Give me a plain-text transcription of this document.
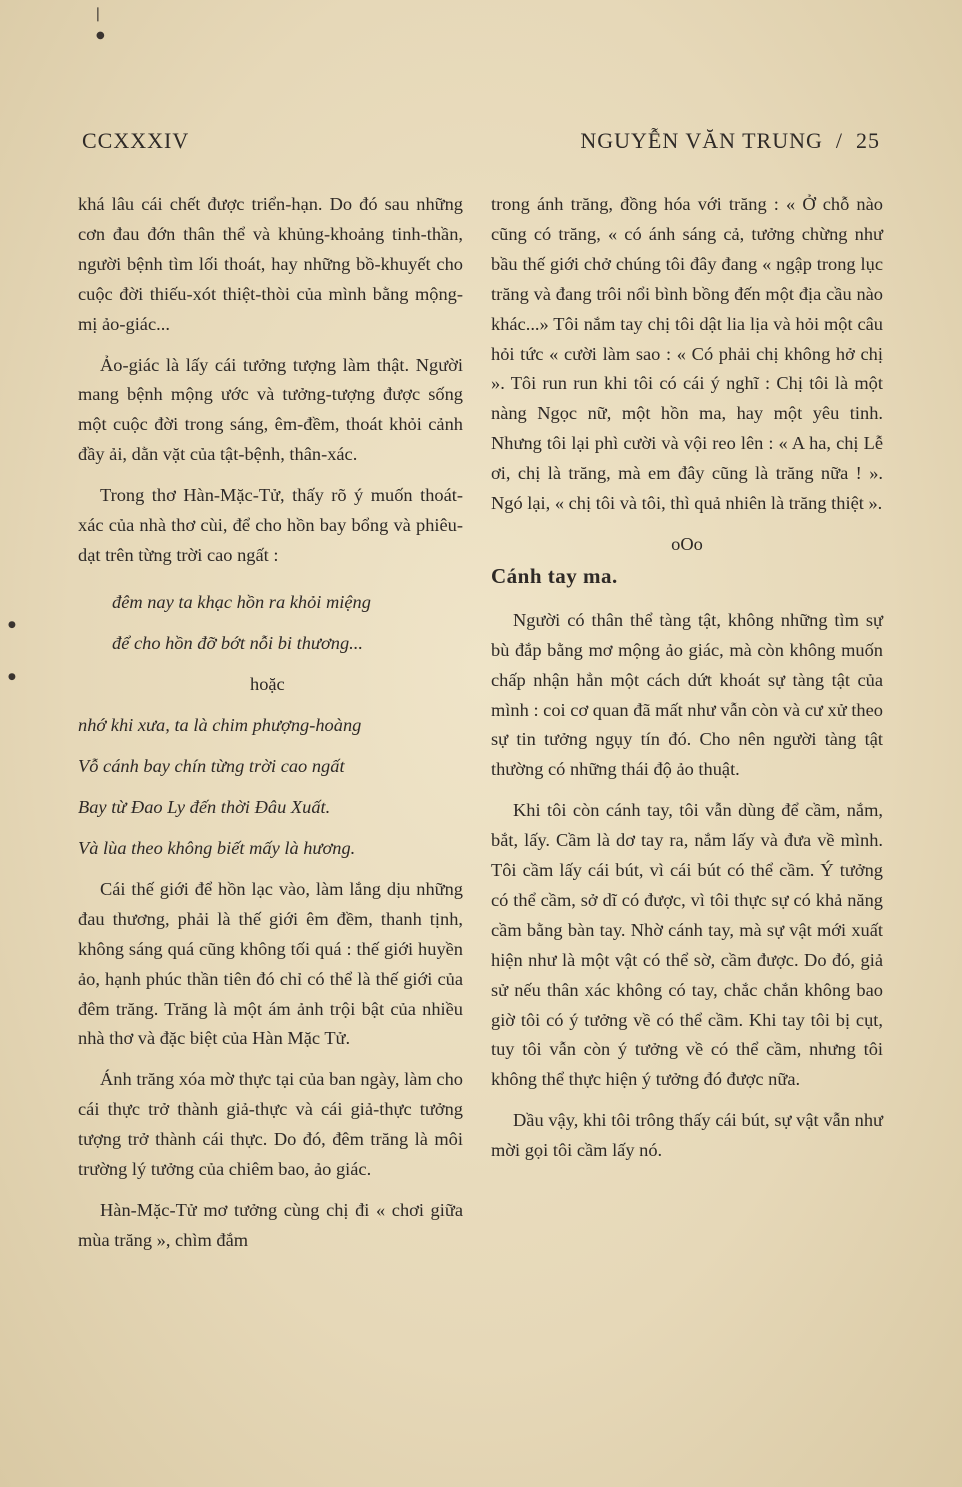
❘
●
●
●
CCXXXIV	NGUYỄN VĂN TRUNG  /  25

khá lâu cái chết được triển-hạn. Do đó sau những cơn đau đớn thân thể và khủng-khoảng tinh-thần, người bệnh tìm lối thoát, hay những bồ-khuyết cho cuộc đời thiếu-xót thiệt-thòi của mình bằng mộng-mị ảo-giác...

Ảo-giác là lấy cái tưởng tượng làm thật. Người mang bệnh mộng ước và tưởng-tượng được sống một cuộc đời trong sáng, êm-đềm, thoát khỏi cảnh đầy ải, dằn vặt của tật-bệnh, thân-xác.

Trong thơ Hàn-Mặc-Tử, thấy rõ ý muốn thoát-xác của nhà thơ cùi, để cho hồn bay bổng và phiêu-dạt trên từng trời cao ngất :

đêm nay ta khạc hồn ra khỏi miệng
để cho hồn đỡ bớt nỗi bi thương...
hoặc
nhớ khi xưa, ta là chim phượng-hoàng
Vỗ cánh bay chín từng trời cao ngất
Bay từ Đao Ly đến thời Đâu Xuất.
Và lùa theo không biết mấy là hương.

Cái thế giới để hồn lạc vào, làm lắng dịu những đau thương, phải là thế giới êm đềm, thanh tịnh, không sáng quá cũng không tối quá : thế giới huyền ảo, hạnh phúc thần tiên đó chỉ có thể là thế giới của đêm trăng. Trăng là một ám ảnh trội bật của nhiều nhà thơ và đặc biệt của Hàn Mặc Tử.

Ánh trăng xóa mờ thực tại của ban ngày, làm cho cái thực trở thành giả-thực và cái giả-thực tưởng tượng trở thành cái thực. Do đó, đêm trăng là môi trường lý tưởng của chiêm bao, ảo giác.

Hàn-Mặc-Tử mơ tưởng cùng chị đi « chơi giữa mùa trăng », chìm đắm

trong ánh trăng, đồng hóa với trăng : « Ở chỗ nào cũng có trăng, « có ánh sáng cả, tưởng chừng như bầu thế giới chở chúng tôi đây đang « ngập trong lục trăng và đang trôi nổi bình bồng đến một địa cầu nào khác...» Tôi nắm tay chị tôi dật lia lịa và hỏi một câu hỏi tức « cười làm sao : « Có phải chị không hở chị ». Tôi run run khi tôi có cái ý nghĩ : Chị tôi là một nàng Ngọc nữ, một hồn ma, hay một yêu tinh. Nhưng tôi lại phì cười và vội reo lên : « A ha, chị Lễ ơi, chị là trăng, mà em đây cũng là trăng nữa ! ». Ngó lại, « chị tôi và tôi, thì quả nhiên là trăng thiệt ».

oOo
Cánh tay ma.

Người có thân thể tàng tật, không những tìm sự bù đắp bằng mơ mộng ảo giác, mà còn không muốn chấp nhận hẳn một cách dứt khoát sự tàng tật của mình : coi cơ quan đã mất như vẫn còn và cư xử theo sự tin tưởng ngụy tín đó. Cho nên người tàng tật thường có những thái độ ảo thuật.

Khi tôi còn cánh tay, tôi vẫn dùng để cầm, nắm, bắt, lấy. Cầm là dơ tay ra, nắm lấy và đưa về mình. Tôi cầm lấy cái bút, vì cái bút có thể cầm. Ý tưởng có thể cầm, sở dĩ có được, vì tôi thực sự có khả năng cầm bằng bàn tay. Nhờ cánh tay, mà sự vật mới xuất hiện như là một vật có thể sờ, cầm được. Do đó, giả sử nếu thân xác không có tay, chắc chắn không bao giờ tôi có ý tưởng về có thể cầm. Khi tay tôi bị cụt, tuy tôi vẫn còn ý tưởng về có thể cầm, nhưng tôi không thể thực hiện ý tưởng đó được nữa.

Dầu vậy, khi tôi trông thấy cái bút, sự vật vẫn như mời gọi tôi cầm lấy nó.
